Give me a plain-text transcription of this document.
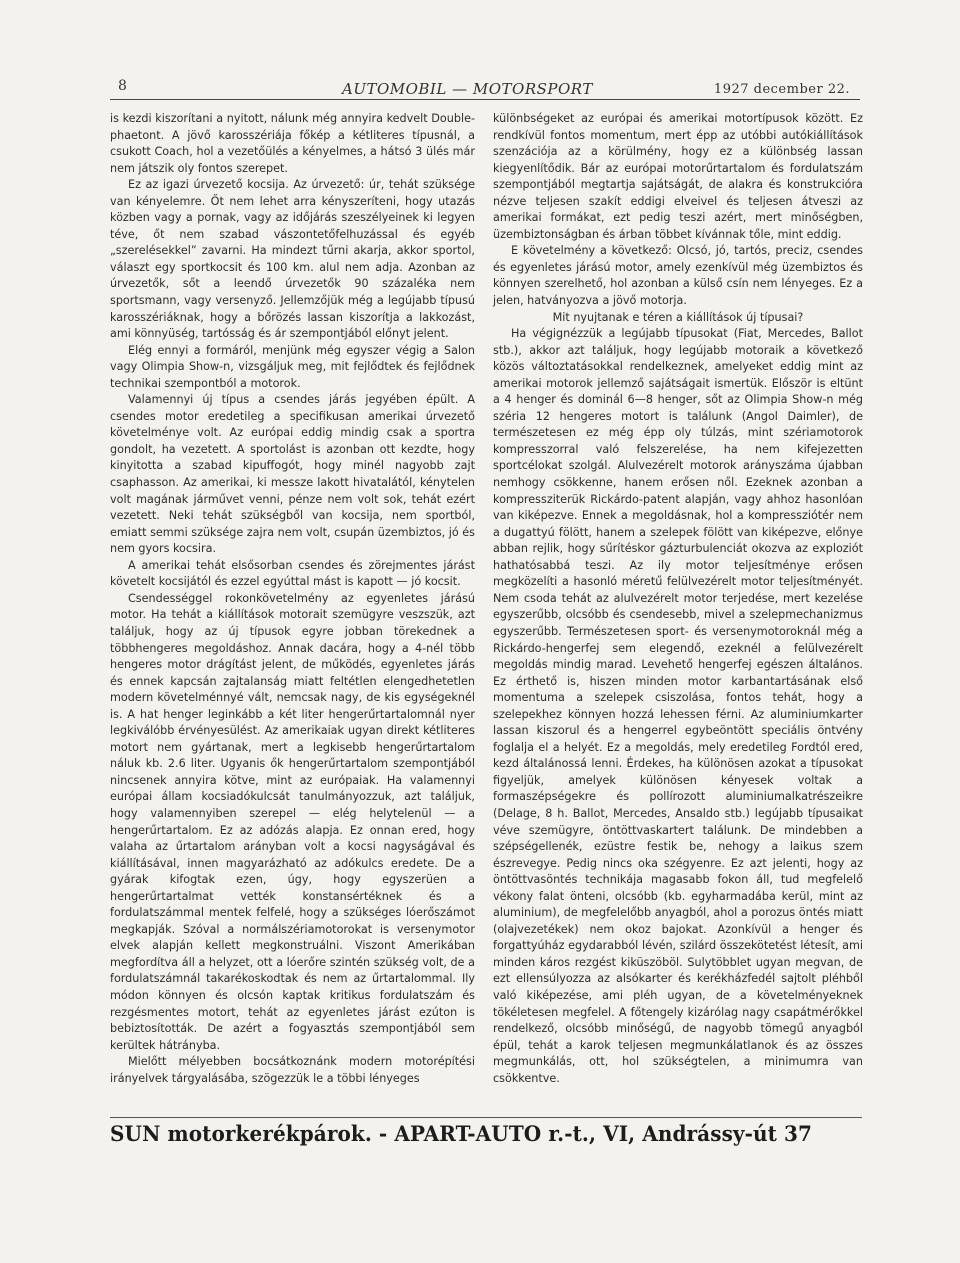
8	AUTOMOBIL — MOTORSPORT	1927 december 22.

is kezdi kiszorítani a nyitott, nálunk még annyira kedvelt Double-phaetont. A jövő karosszériája főkép a kétliteres típusnál, a csukott Coach, hol a vezetőülés a kényelmes, a hátsó 3 ülés már nem játszik oly fontos szerepet.

Ez az igazi úrvezető kocsija. Az úrvezető: úr, tehát szüksége van kényelemre. Őt nem lehet arra kényszeríteni, hogy utazás közben vagy a pornak, vagy az időjárás szeszélyeinek ki legyen téve, őt nem szabad vászontetőfelhuzással és egyéb „szerelésekkel” zavarni. Ha mindezt tűrni akarja, akkor sportol, választ egy sportkocsit és 100 km. alul nem adja. Azonban az úrvezetők, sőt a leendő úrvezetők 90 százaléka nem sportsmann, vagy versenyző. Jellemzőjük még a legújabb típusú karosszériáknak, hogy a bőrözés lassan kiszorítja a lakkozást, ami könnyüség, tartósság és ár szempontjából előnyt jelent.

Elég ennyi a formáról, menjünk még egyszer végig a Salon vagy Olimpia Show-n, vizsgáljuk meg, mit fejlődtek és fejlődnek technikai szempontból a motorok.

Valamennyi új típus a csendes járás jegyében épült. A csendes motor eredetileg a specifikusan amerikai úrvezető követelménye volt. Az európai eddig mindig csak a sportra gondolt, ha vezetett. A sportolást is azonban ott kezdte, hogy kinyitotta a szabad kipuffogót, hogy minél nagyobb zajt csaphasson. Az amerikai, ki messze lakott hivatalától, kénytelen volt magának járművet venni, pénze nem volt sok, tehát ezért vezetett. Neki tehát szükségből van kocsija, nem sportból, emiatt semmi szüksége zajra nem volt, csupán üzembiztos, jó és nem gyors kocsira.

A amerikai tehát elsősorban csendes és zörejmentes járást követelt kocsijától és ezzel egyúttal mást is kapott — jó kocsit.

Csendességgel rokonkövetelmény az egyenletes járású motor. Ha tehát a kiállítások motorait szemügyre veszszük, azt találjuk, hogy az új típusok egyre jobban törekednek a többhengeres megoldáshoz. Annak dacára, hogy a 4-nél több hengeres motor drágítást jelent, de működés, egyenletes járás és ennek kapcsán zajtalanság miatt feltétlen elengedhetetlen modern követelménnyé vált, nemcsak nagy, de kis egységeknél is. A hat henger leginkább a két liter hengerűrtartalomnál nyer legkiválóbb érvényesülést. Az amerikaiak ugyan direkt kétliteres motort nem gyártanak, mert a legkisebb hengerűrtartalom náluk kb. 2.6 liter. Ugyanis ők hengerűrtartalom szempontjából nincsenek annyira kötve, mint az európaiak. Ha valamennyi európai állam kocsiadókulcsát tanulmányozzuk, azt találjuk, hogy valamennyiben szerepel — elég helytelenül — a hengerűrtartalom. Ez az adózás alapja. Ez onnan ered, hogy valaha az űrtartalom arányban volt a kocsi nagyságával és kiállításával, innen magyarázható az adókulcs eredete. De a gyárak kifogtak ezen, úgy, hogy egyszerüen a hengerűrtartalmat vették konstansértéknek és a fordulatszámmal mentek felfelé, hogy a szükséges lóerőszámot megkapják. Szóval a normálszériamotorokat is versenymotor elvek alapján kellett megkonstruálni. Viszont Amerikában megfordítva áll a helyzet, ott a lóerőre szintén szükség volt, de a fordulatszámnál takarékoskodtak és nem az űrtartalommal. Ily módon könnyen és olcsón kaptak kritikus fordulatszám és rezgésmentes motort, tehát az egyenletes járást ezúton is bebiztosították. De azért a fogyasztás szempontjából sem kerültek hátrányba.

Mielőtt mélyebben bocsátkoznánk modern motorépítési irányelvek tárgyalásába, szögezzük le a többi lényeges

különbségeket az európai és amerikai motortípusok között. Ez rendkívül fontos momentum, mert épp az utóbbi autókiállítások szenzációja az a körülmény, hogy ez a különbség lassan kiegyenlítődik. Bár az európai motorűrtartalom és fordulatszám szempontjából megtartja sajátságát, de alakra és konstrukcióra nézve teljesen szakít eddigi elveivel és teljesen átveszi az amerikai formákat, ezt pedig teszi azért, mert minőségben, üzembiztonságban és árban többet kívánnak tőle, mint eddig.

E követelmény a következő: Olcsó, jó, tartós, preciz, csendes és egyenletes járású motor, amely ezenkívül még üzembiztos és könnyen szerelhető, hol azonban a külső csín nem lényeges. Ez a jelen, hatványozva a jövő motorja.

Mit nyujtanak e téren a kiállítások új típusai?

Ha végignézzük a legújabb típusokat (Fiat, Mercedes, Ballot stb.), akkor azt találjuk, hogy legújabb motoraik a következő közös változtatásokkal rendelkeznek, amelyeket eddig mint az amerikai motorok jellemző sajátságait ismertük. Először is eltünt a 4 henger és dominál 6—8 henger, sőt az Olimpia Show-n még széria 12 hengeres motort is találunk (Angol Daimler), de természetesen ez még épp oly túlzás, mint szériamotorok kompresszorral való felszerelése, ha nem kifejezetten sportcélokat szolgál. Alulvezérelt motorok arányszáma újabban nemhogy csökkenne, hanem erősen nől. Ezeknek azonban a kompressziterük Rickárdo-patent alapján, vagy ahhoz hasonlóan van kiképezve. Ennek a megoldásnak, hol a kompressziótér nem a dugattyú fölött, hanem a szelepek fölött van kiképezve, előnye abban rejlik, hogy sűrítéskor gázturbulenciát okozva az exploziót hathatósabbá teszi. Az ily motor teljesítménye erősen megközelíti a hasonló méretű felülvezérelt motor teljesítményét. Nem csoda tehát az alulvezérelt motor terjedése, mert kezelése egyszerűbb, olcsóbb és csendesebb, mivel a szelepmechanizmus egyszerűbb. Természetesen sport- és versenymotoroknál még a Rickárdo-hengerfej sem elegendő, ezeknél a felülvezérelt megoldás mindig marad. Levehető hengerfej egészen általános. Ez érthető is, hiszen minden motor karbantartásának első momentuma a szelepek csiszolása, fontos tehát, hogy a szelepekhez könnyen hozzá lehessen férni. Az aluminiumkarter lassan kiszorul és a hengerrel egybeöntött speciális öntvény foglalja el a helyét. Ez a megoldás, mely eredetileg Fordtól ered, kezd általánossá lenni. Érdekes, ha különösen azokat a típusokat figyeljük, amelyek különösen kényesek voltak a formaszépségekre és pollírozott aluminiumalkatrészeikre (Delage, 8 h. Ballot, Mercedes, Ansaldo stb.) legújabb típusaikat véve szemügyre, öntöttvaskartert találunk. De mindebben a szépségellenék, ezüstre festik be, nehogy a laikus szem észrevegye. Pedig nincs oka szégyenre. Ez azt jelenti, hogy az öntöttvasöntés technikája magasabb fokon áll, tud megfelelő vékony falat önteni, olcsóbb (kb. egyharmadába kerül, mint az aluminium), de megfelelőbb anyagból, ahol a porozus öntés miatt (olajvezetékek) nem okoz bajokat. Azonkívül a henger és forgattyúház egydarabból lévén, szilárd összekötetést létesít, ami minden káros rezgést kiküszöböl. Sulytöbblet ugyan megvan, de ezt ellensúlyozza az alsókarter és kerékházfedél sajtolt pléhből való kiképezése, ami pléh ugyan, de a követelményeknek tökéletesen megfelel. A főtengely kizárólag nagy csapátmérőkkel rendelkező, olcsóbb minőségű, de nagyobb tömegű anyagból épül, tehát a karok teljesen megmunkálatlanok és az összes megmunkálás, ott, hol szükségtelen, a minimumra van csökkentve.

SUN motorkerékpárok. - APART-AUTO r.-t., VI, Andrássy-út 37
